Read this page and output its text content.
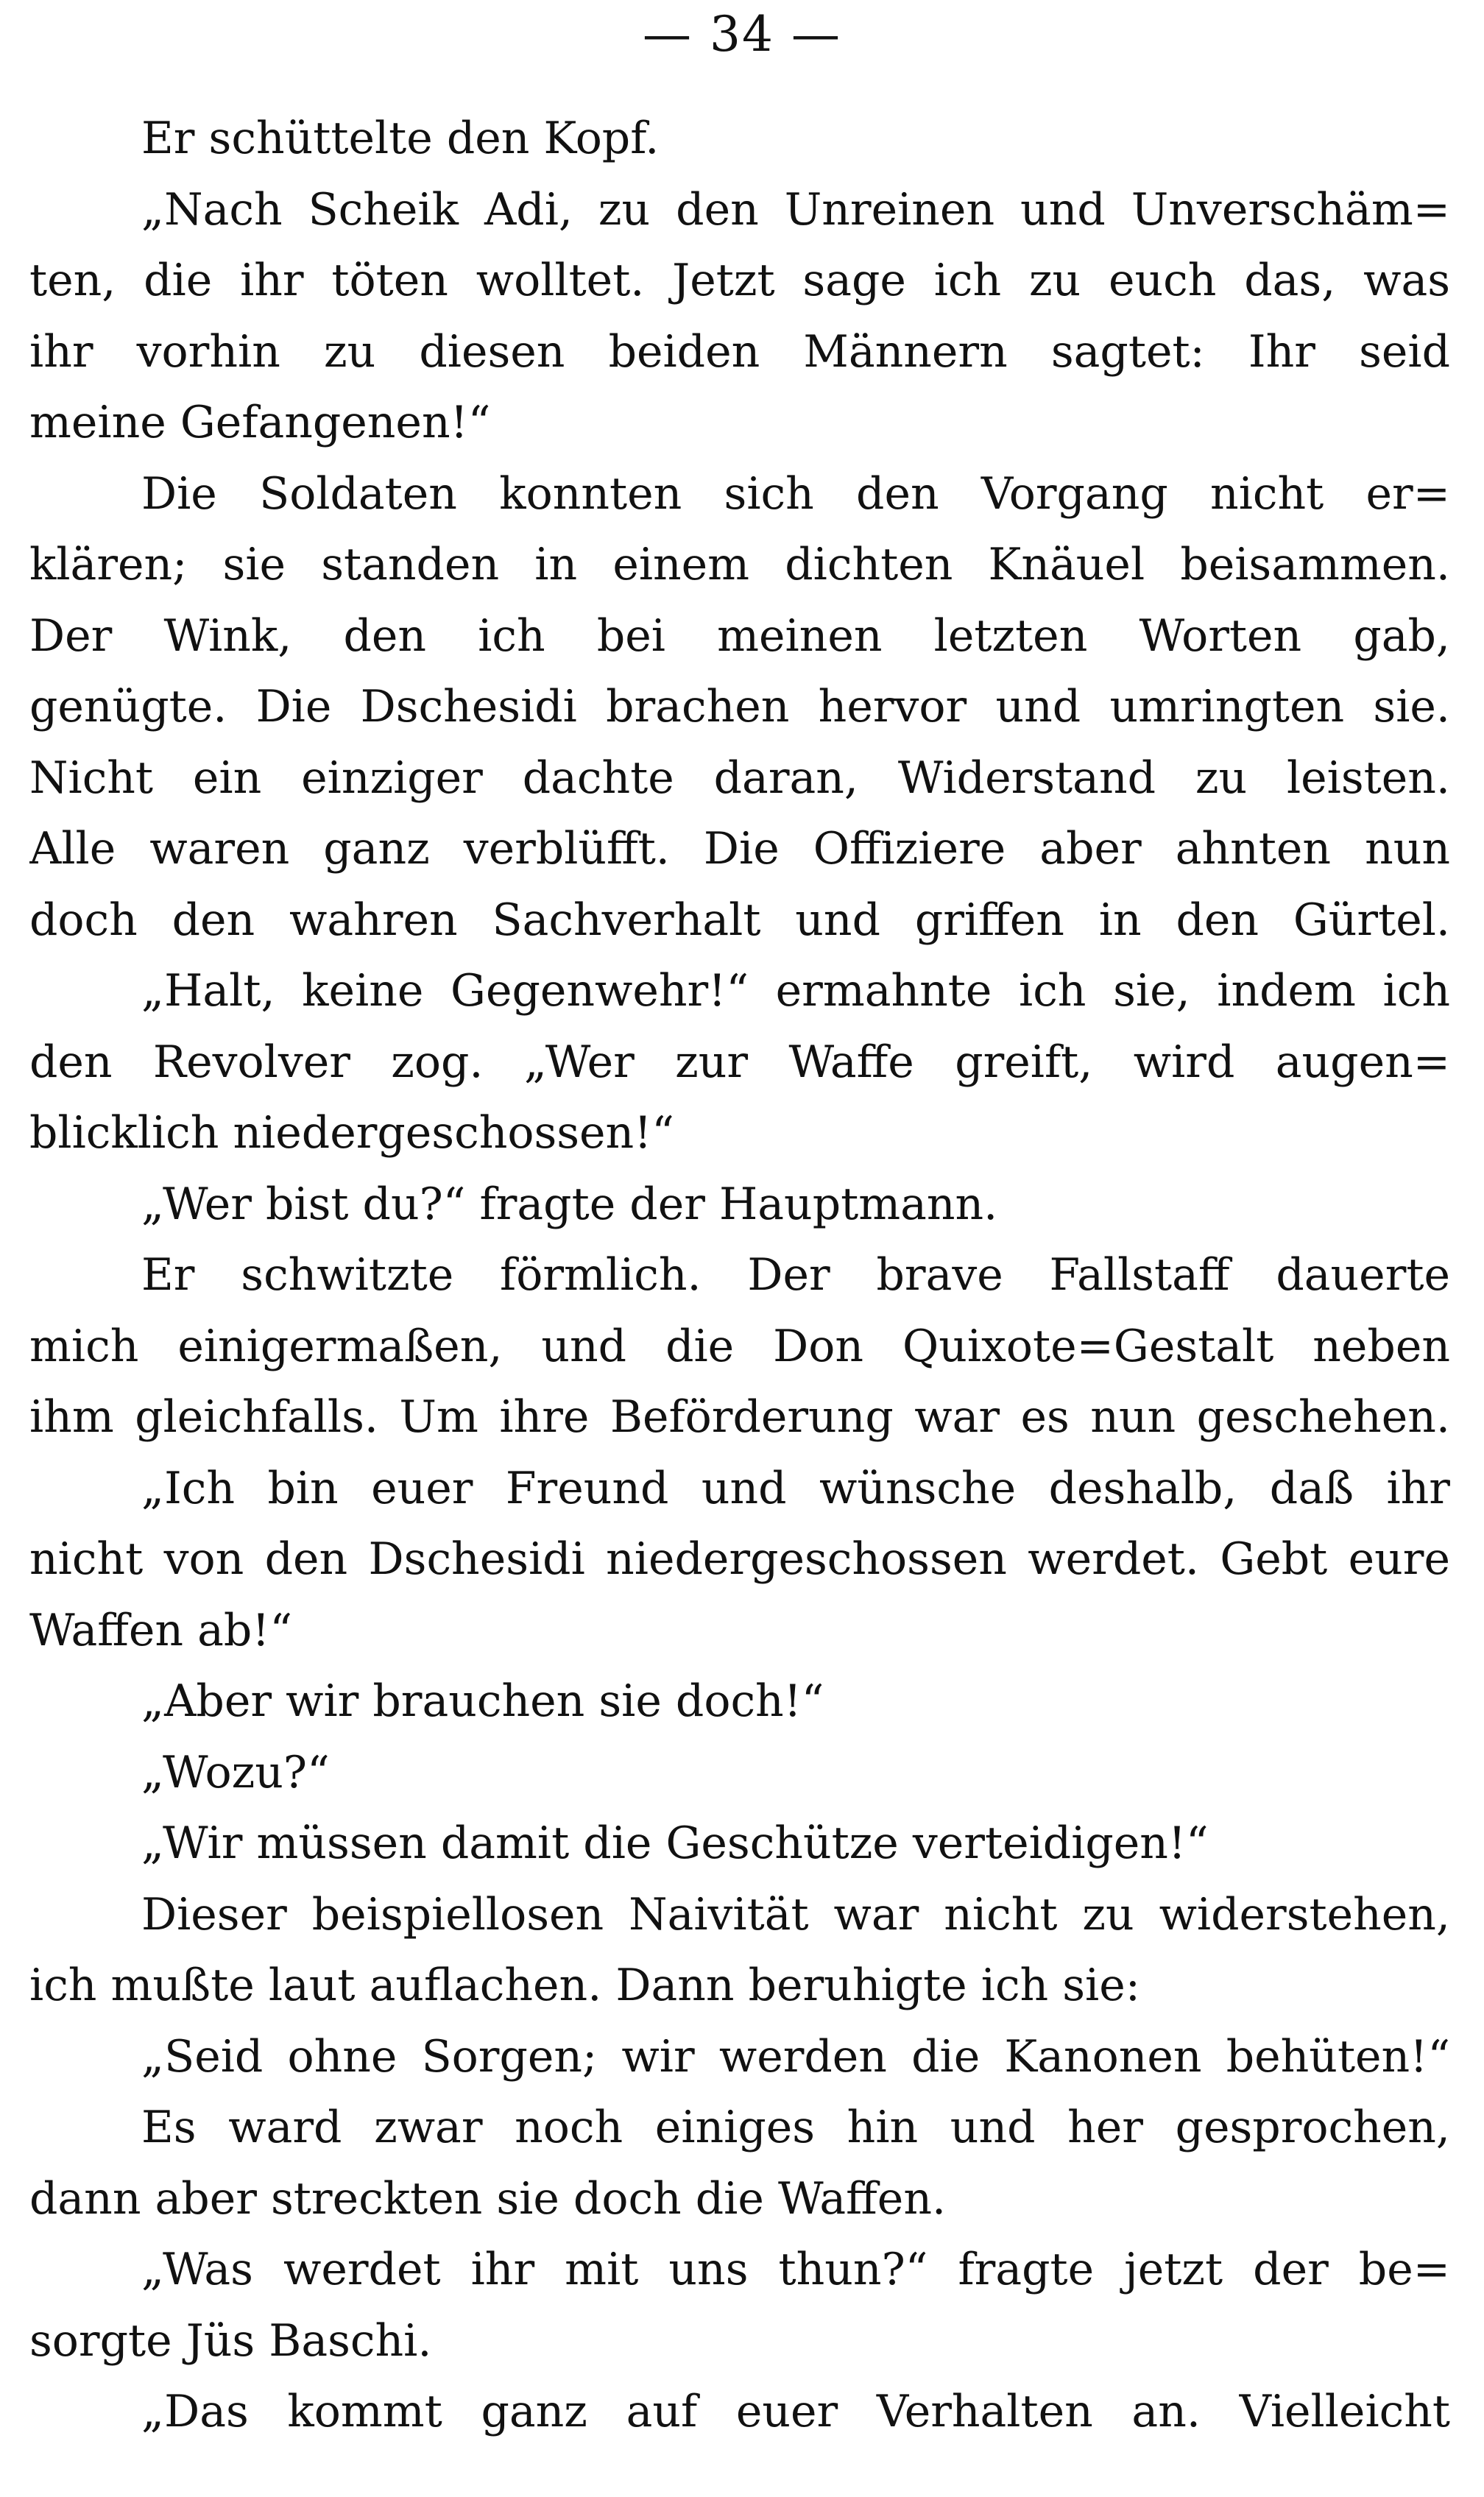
— 34 —
Er schüttelte den Kopf.
„Nach Scheik Adi, zu den Unreinen und Unverschäm=
ten, die ihr töten wolltet. Jetzt sage ich zu euch das, was
ihr vorhin zu diesen beiden Männern sagtet: Ihr seid
meine Gefangenen!“
Die Soldaten konnten sich den Vorgang nicht er=
klären; sie standen in einem dichten Knäuel beisammen.
Der Wink, den ich bei meinen letzten Worten gab,
genügte. Die Dschesidi brachen hervor und umringten sie.
Nicht ein einziger dachte daran, Widerstand zu leisten.
Alle waren ganz verblüfft. Die Offiziere aber ahnten nun
doch den wahren Sachverhalt und griffen in den Gürtel.
„Halt, keine Gegenwehr!“ ermahnte ich sie, indem ich
den Revolver zog. „Wer zur Waffe greift, wird augen=
blicklich niedergeschossen!“
„Wer bist du?“ fragte der Hauptmann.
Er schwitzte förmlich. Der brave Fallstaff dauerte
mich einigermaßen, und die Don Quixote=Gestalt neben
ihm gleichfalls. Um ihre Beförderung war es nun geschehen.
„Ich bin euer Freund und wünsche deshalb, daß ihr
nicht von den Dschesidi niedergeschossen werdet. Gebt eure
Waffen ab!“
„Aber wir brauchen sie doch!“
„Wozu?“
„Wir müssen damit die Geschütze verteidigen!“
Dieser beispiellosen Naivität war nicht zu widerstehen,
ich mußte laut auflachen. Dann beruhigte ich sie:
„Seid ohne Sorgen; wir werden die Kanonen behüten!“
Es ward zwar noch einiges hin und her gesprochen,
dann aber streckten sie doch die Waffen.
„Was werdet ihr mit uns thun?“ fragte jetzt der be=
sorgte Jüs Baschi.
„Das kommt ganz auf euer Verhalten an. Vielleicht
